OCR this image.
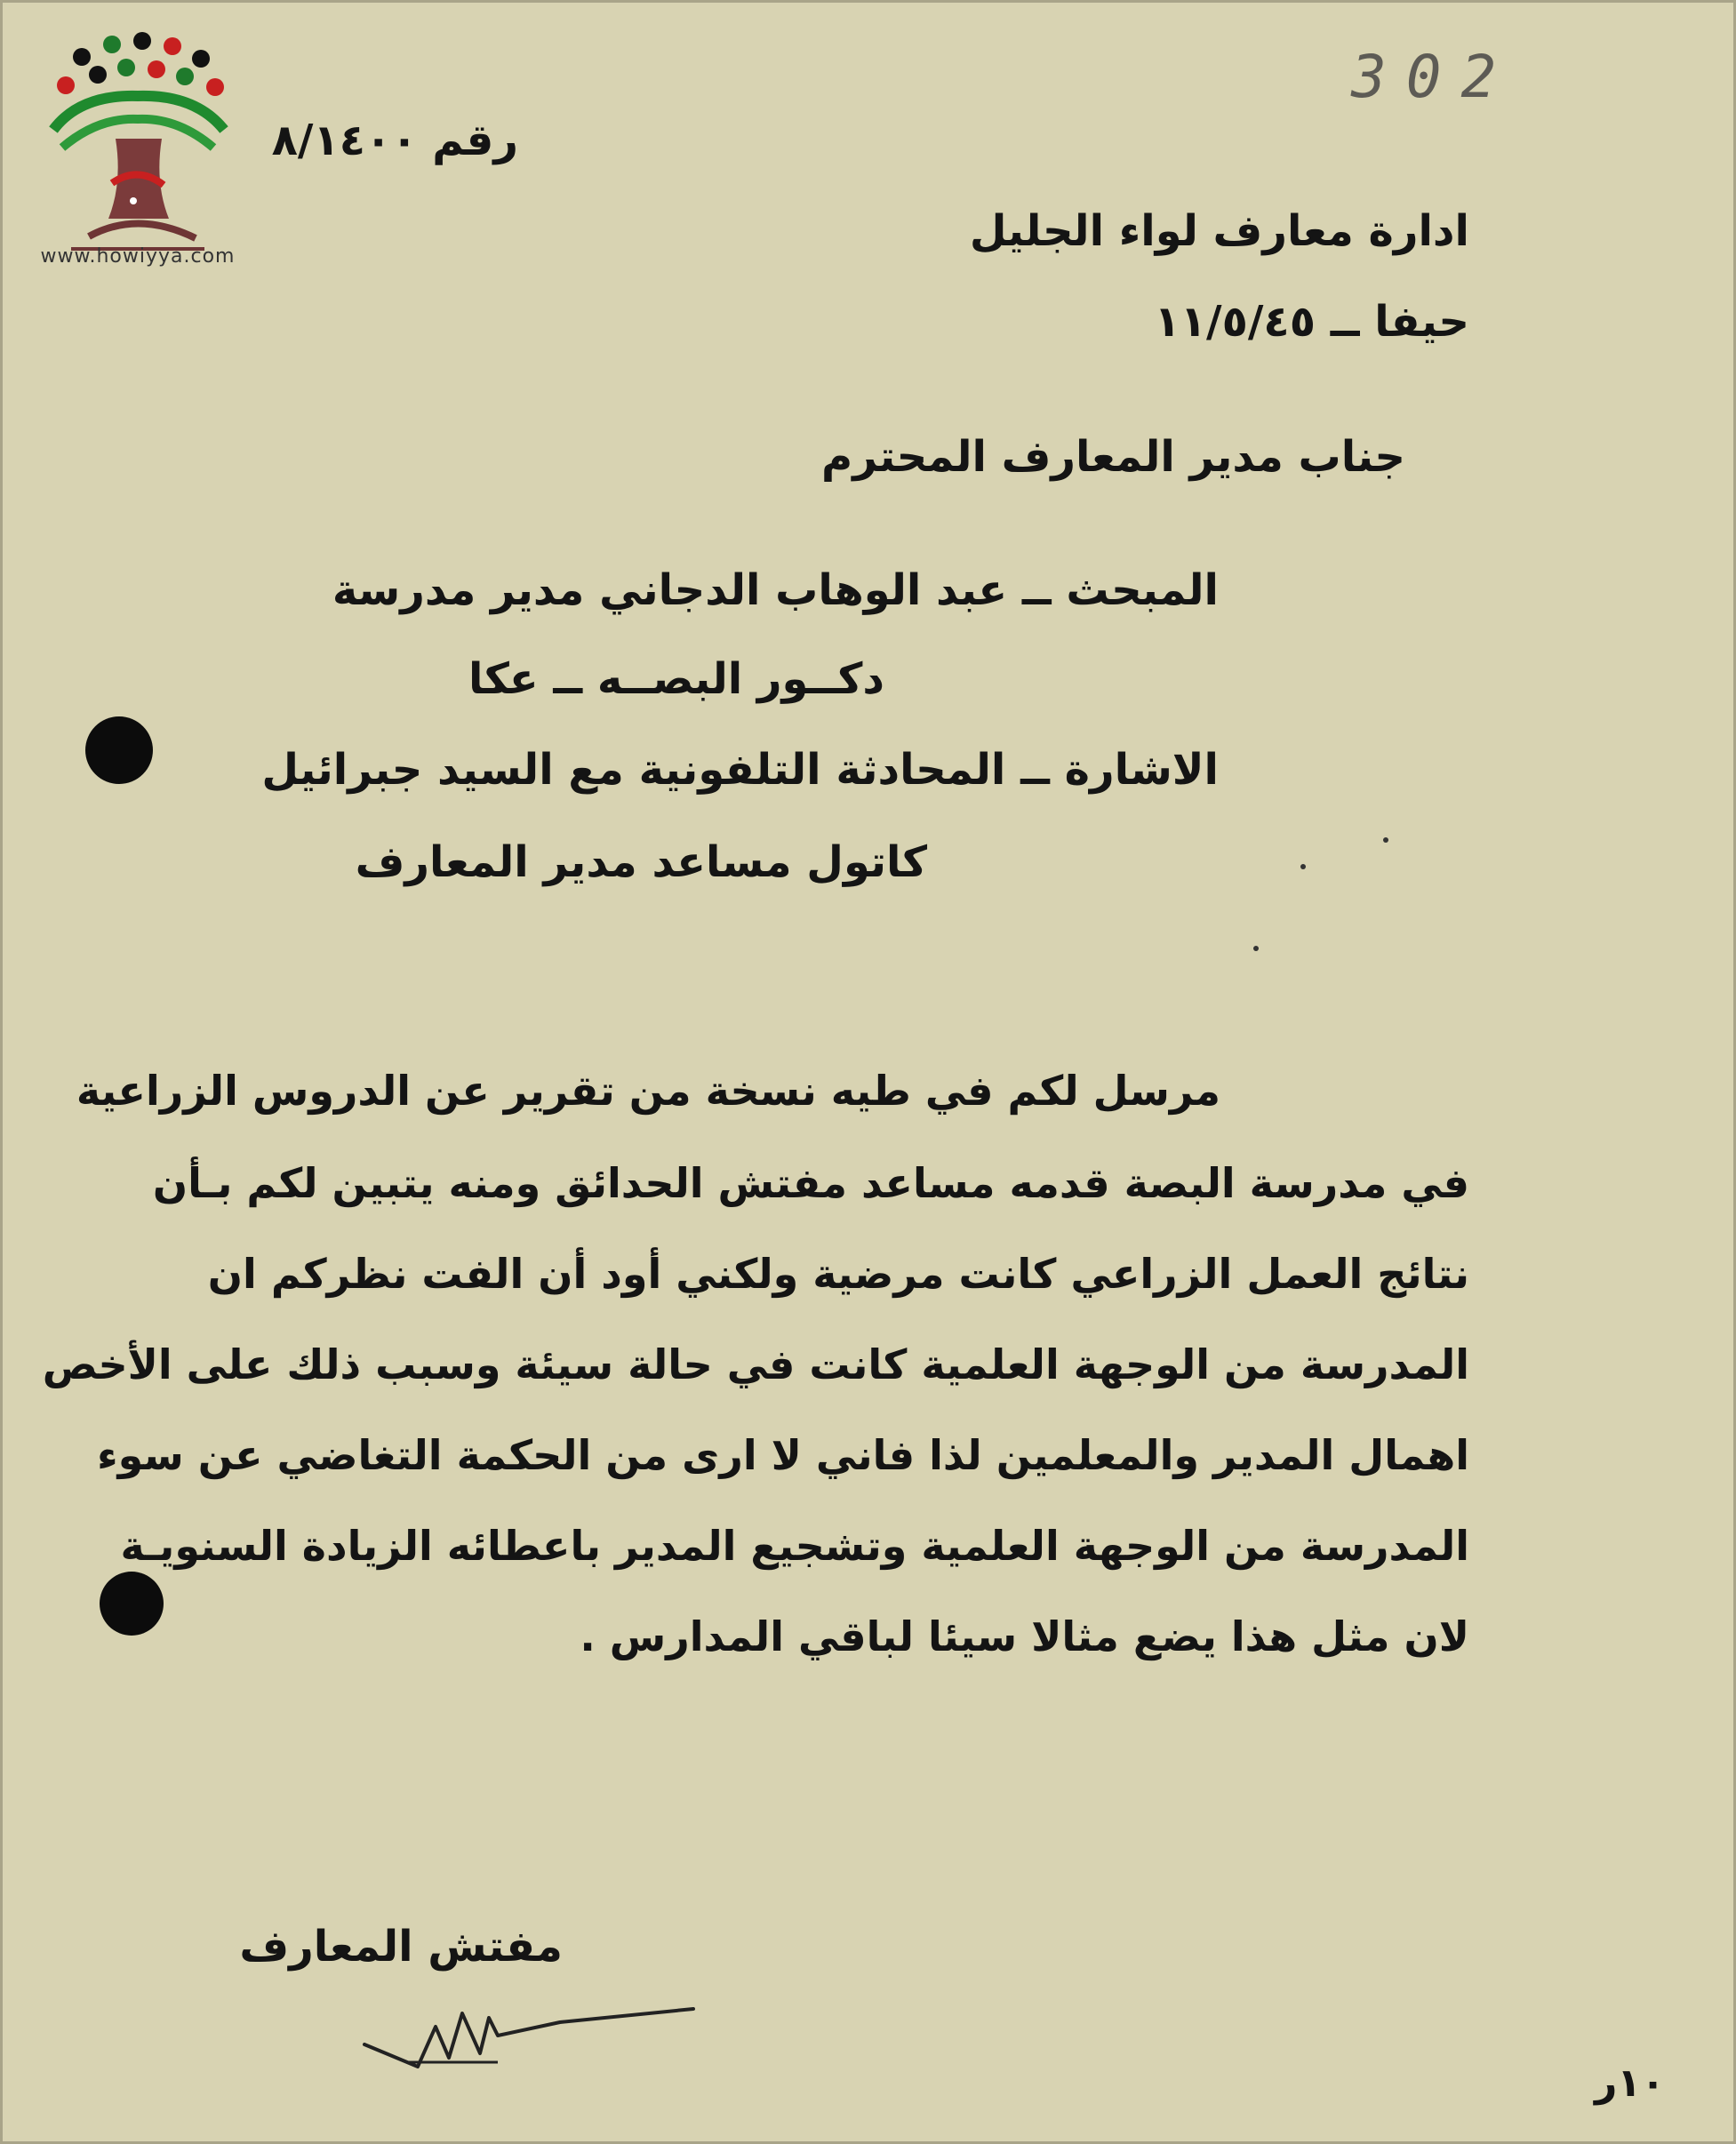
www.howiyya.com
302
رقم ٨/١٤٠٠
ادارة معارف لواء الجليل
حيفا ــ ١١/٥/٤٥
جناب مدير المعارف المحترم
المبحث ــ عبد الوهاب الدجاني مدير مدرسة
دكــور البصــه ــ عكا
الاشارة ــ المحادثة التلفونية مع السيد جبرائيل
كاتول مساعد مدير المعارف
مرسل لكم في طيه نسخة من تقرير عن الدروس الزراعية
في مدرسة البصة قدمه مساعد مفتش الحدائق ومنه يتبين لكم بـأن
نتائج العمل الزراعي كانت مرضية ولكني أود أن الفت نظركم ان
المدرسة من الوجهة العلمية كانت في حالة سيئة وسبب ذلك على الأخص
اهمال المدير والمعلمين لذا فاني لا ارى من الحكمة التغاضي عن سوء
المدرسة من الوجهة العلمية وتشجيع المدير باعطائه الزيادة السنويـة
لان مثل هذا يضع مثالا سيئا لباقي المدارس .
مفتش المعارف
١٠ر
